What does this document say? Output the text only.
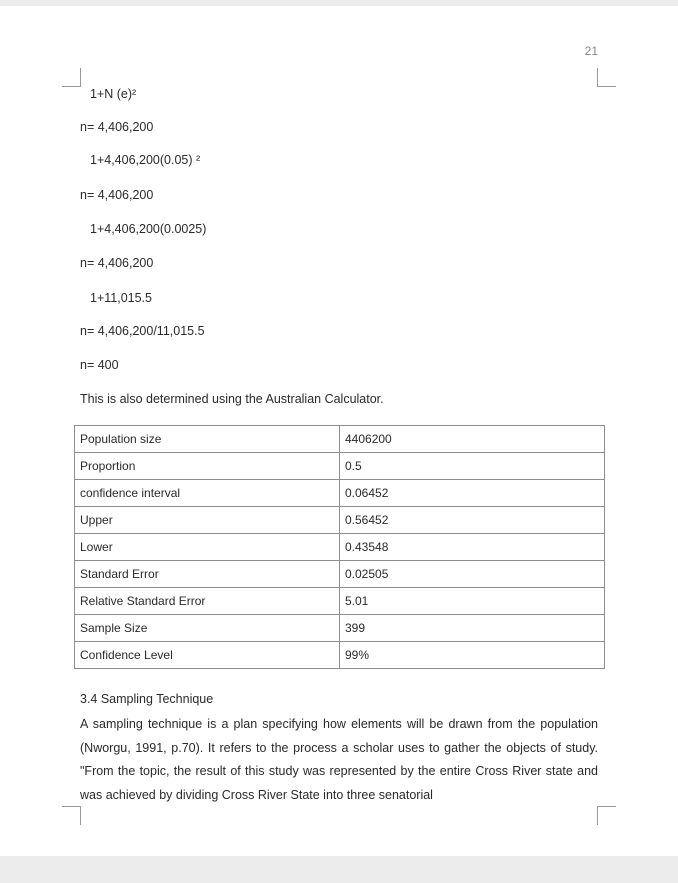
21
1+N (e)²
n= 4,406,200
1+4,406,200(0.05) ²
n= 4,406,200
1+4,406,200(0.0025)
n= 4,406,200
1+11,015.5
n= 4,406,200/11,015.5
n= 400
This is also determined using the Australian Calculator.
Population size	4406200
Proportion	0.5
confidence interval	0.06452
Upper	0.56452
Lower	0.43548
Standard Error	0.02505
Relative Standard Error	5.01
Sample Size	399
Confidence Level	99%
3.4 Sampling Technique

A sampling technique is a plan specifying how elements will be drawn from the population (Nworgu, 1991, p.70). It refers to the process a scholar uses to gather the objects of study. "From the topic, the result of this study was represented by the entire Cross River state and was achieved by dividing Cross River State into three senatorial
